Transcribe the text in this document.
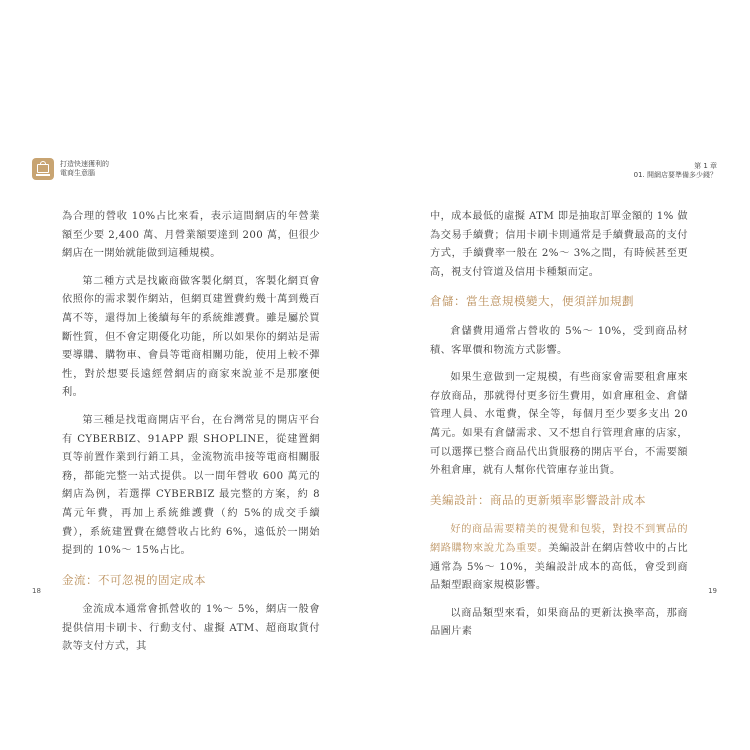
打造快速獲利的
電商生意腦

為合理的營收 10%占比來看，表示這間網店的年營業額至少要 2,400 萬、月營業額要達到 200 萬，但很少網店在一開始就能做到這種規模。

第二種方式是找廠商做客製化網頁，客製化網頁會依照你的需求製作網站，但網頁建置費約幾十萬到幾百萬不等，還得加上後續每年的系統維護費。雖是屬於買斷性質，但不會定期優化功能，所以如果你的網站是需要導購、購物車、會員等電商相關功能，使用上較不彈性，對於想要長遠經營網店的商家來說並不是那麼便利。

第三種是找電商開店平台，在台灣常見的開店平台有 CYBERBIZ、91APP 跟 SHOPLINE，從建置網頁等前置作業到行銷工具，金流物流串接等電商相關服務，都能完整一站式提供。以一間年營收 600 萬元的網店為例，若選擇 CYBERBIZ 最完整的方案，約 8 萬元年費，再加上系統維護費（約 5%的成交手續費），系統建置費在總營收占比約 6%，遠低於一開始提到的 10%～ 15%占比。

金流：不可忽視的固定成本

金流成本通常會抓營收的 1%～ 5%，網店一般會提供信用卡刷卡、行動支付、虛擬 ATM、超商取貨付款等支付方式，其

18
第 1 章
01. 開網店要準備多少錢？

中，成本最低的虛擬 ATM 即是抽取訂單金額的 1% 做為交易手續費；信用卡刷卡則通常是手續費最高的支付方式，手續費率一般在 2%～ 3%之間，有時候甚至更高，視支付管道及信用卡種類而定。

倉儲：當生意規模變大，便須詳加規劃

倉儲費用通常占營收的 5%～ 10%，受到商品材積、客單價和物流方式影響。

如果生意做到一定規模，有些商家會需要租倉庫來存放商品，那就得付更多衍生費用，如倉庫租金、倉儲管理人員、水電費，保全等，每個月至少要多支出 20 萬元。如果有倉儲需求、又不想自行管理倉庫的店家，可以選擇已整合商品代出貨服務的開店平台，不需要額外租倉庫，就有人幫你代管庫存並出貨。

美編設計：商品的更新頻率影響設計成本

好的商品需要精美的視覺和包裝，對投不到實品的網路購物來說尤為重要。美編設計在網店營收中的占比通常為 5%～ 10%，美編設計成本的高低，會受到商品類型跟商家規模影響。

以商品類型來看，如果商品的更新汰換率高，那商品圖片素

19
